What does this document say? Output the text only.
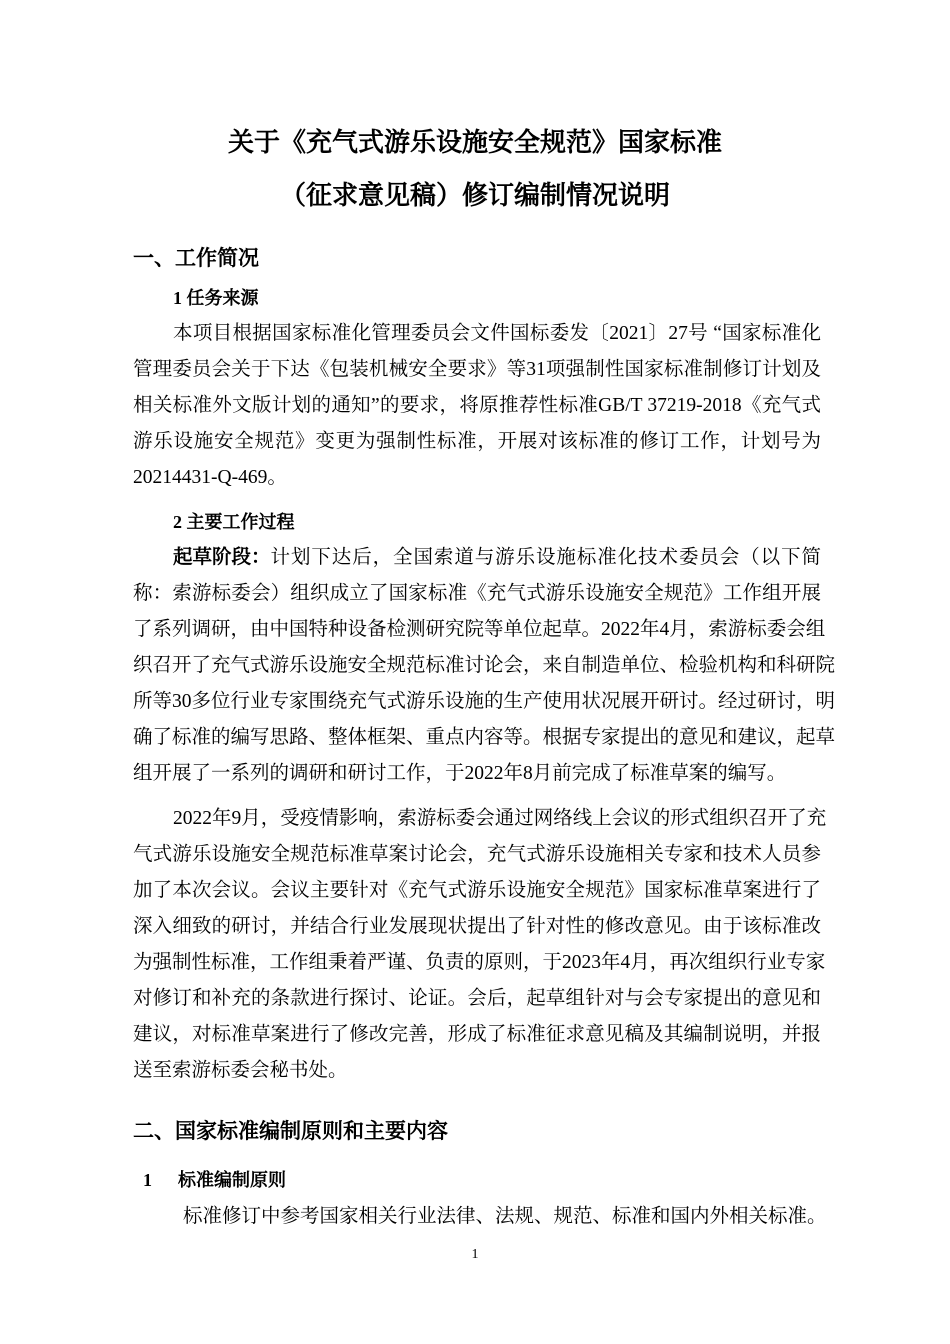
关于《充气式游乐设施安全规范》国家标准
（征求意见稿）修订编制情况说明
一、工作简况
1 任务来源
本项目根据国家标准化管理委员会文件国标委发〔2021〕27号 “国家标准化
管理委员会关于下达《包装机械安全要求》等31项强制性国家标准制修订计划及
相关标准外文版计划的通知”的要求，将原推荐性标准GB/T 37219-2018《充气式
游乐设施安全规范》变更为强制性标准，开展对该标准的修订工作，计划号为
20214431-Q-469。
2 主要工作过程
起草阶段： 计划下达后，全国索道与游乐设施标准化技术委员会（以下简
称：索游标委会）组织成立了国家标准《充气式游乐设施安全规范》工作组开展
了系列调研，由中国特种设备检测研究院等单位起草。2022年4月，索游标委会组
织召开了充气式游乐设施安全规范标准讨论会，来自制造单位、检验机构和科研院
所等30多位行业专家围绕充气式游乐设施的生产使用状况展开研讨。经过研讨，明
确了标准的编写思路、整体框架、重点内容等。根据专家提出的意见和建议，起草
组开展了一系列的调研和研讨工作，于2022年8月前完成了标准草案的编写。
2022年9月，受疫情影响，索游标委会通过网络线上会议的形式组织召开了充
气式游乐设施安全规范标准草案讨论会，充气式游乐设施相关专家和技术人员参
加了本次会议。会议主要针对《充气式游乐设施安全规范》国家标准草案进行了
深入细致的研讨，并结合行业发展现状提出了针对性的修改意见。由于该标准改
为强制性标准，工作组秉着严谨、负责的原则，于2023年4月，再次组织行业专家
对修订和补充的条款进行探讨、论证。会后，起草组针对与会专家提出的意见和
建议，对标准草案进行了修改完善，形成了标准征求意见稿及其编制说明，并报
送至索游标委会秘书处。
二、国家标准编制原则和主要内容
1 标准编制原则
标准修订中参考国家相关行业法律、法规、规范、标准和国内外相关标准。
1
